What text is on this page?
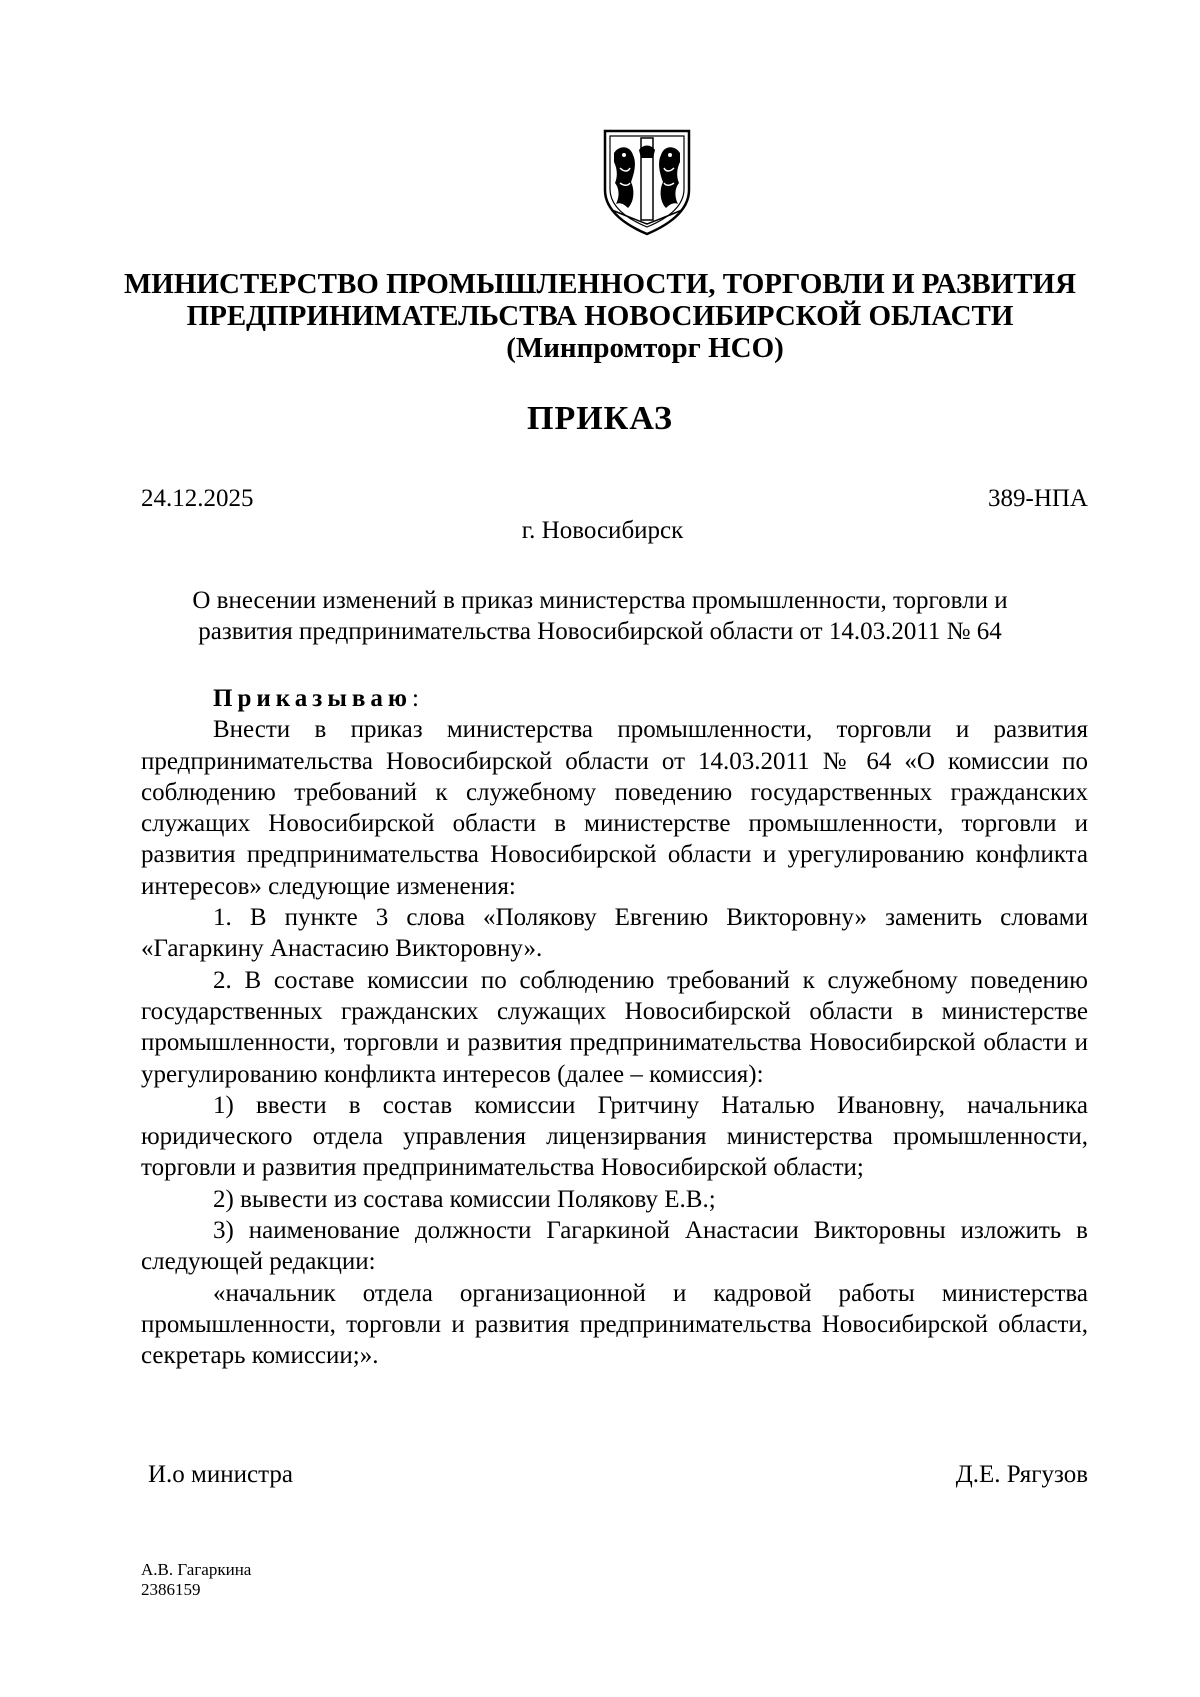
МИНИСТЕРСТВО ПРОМЫШЛЕННОСТИ, ТОРГОВЛИ И РАЗВИТИЯ
ПРЕДПРИНИМАТЕЛЬСТВА НОВОСИБИРСКОЙ ОБЛАСТИ
(Минпромторг НСО)
ПРИКАЗ
24.12.2025	389-НПА
г. Новосибирск
О внесении изменений в приказ министерства промышленности, торговли и
развития предпринимательства Новосибирской области от 14.03.2011 № 64

Приказываю:

Внести в приказ министерства промышленности, торговли и развития предпринимательства Новосибирской области от 14.03.2011 № 64 «О комиссии по соблюдению требований к служебному поведению государственных гражданских служащих Новосибирской области в министерстве промышленности, торговли и развития предпринимательства Новосибирской области и урегулированию конфликта интересов» следующие изменения:

1. В пункте 3 слова «Полякову Евгению Викторовну» заменить словами «Гагаркину Анастасию Викторовну».

2. В составе комиссии по соблюдению требований к служебному поведению государственных гражданских служащих Новосибирской области в министерстве промышленности, торговли и развития предпринимательства Новосибирской области и урегулированию конфликта интересов (далее – комиссия):

1) ввести в состав комиссии Гритчину Наталью Ивановну, начальника юридического отдела управления лицензирвания министерства промышленности, торговли и развития предпринимательства Новосибирской области;

2) вывести из состава комиссии Полякову Е.В.;

3) наименование должности Гагаркиной Анастасии Викторовны изложить в следующей редакции:

«начальник отдела организационной и кадровой работы министерства промышленности, торговли и развития предпринимательства Новосибирской области, секретарь комиссии;».

И.о министра	Д.Е. Рягузов
А.В. Гагаркина
2386159
